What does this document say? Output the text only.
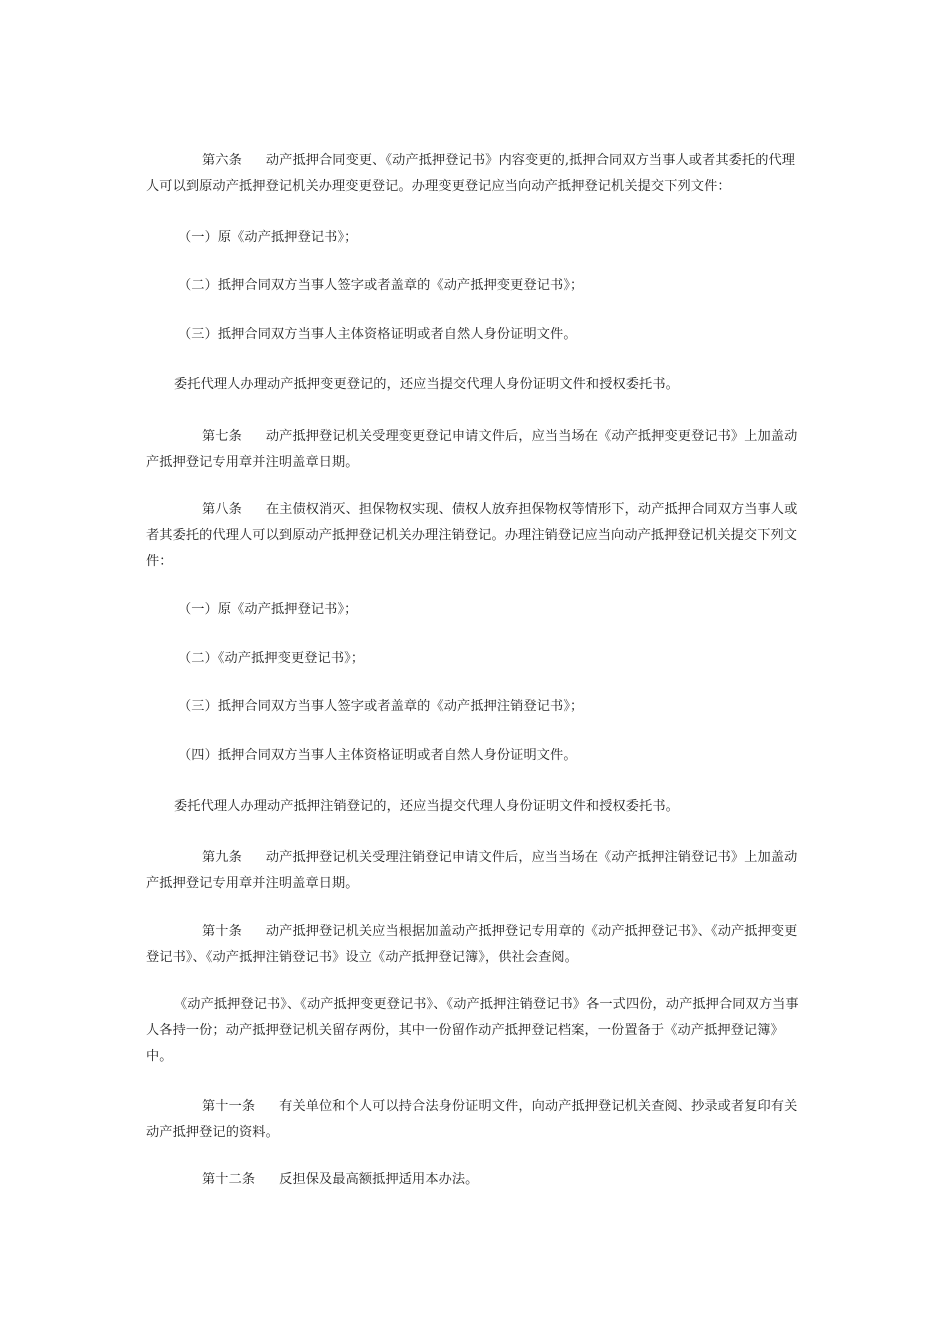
第六条 动产抵押合同变更、《动产抵押登记书》内容变更的,抵押合同双方当事人或者其委托的代理人可以到原动产抵押登记机关办理变更登记。办理变更登记应当向动产抵押登记机关提交下列文件：

（一）原《动产抵押登记书》；

（二）抵押合同双方当事人签字或者盖章的《动产抵押变更登记书》；

（三）抵押合同双方当事人主体资格证明或者自然人身份证明文件。

委托代理人办理动产抵押变更登记的，还应当提交代理人身份证明文件和授权委托书。

第七条 动产抵押登记机关受理变更登记申请文件后，应当当场在《动产抵押变更登记书》上加盖动产抵押登记专用章并注明盖章日期。

第八条 在主债权消灭、担保物权实现、债权人放弃担保物权等情形下，动产抵押合同双方当事人或者其委托的代理人可以到原动产抵押登记机关办理注销登记。办理注销登记应当向动产抵押登记机关提交下列文件：

（一）原《动产抵押登记书》；

（二）《动产抵押变更登记书》；

（三）抵押合同双方当事人签字或者盖章的《动产抵押注销登记书》；

（四）抵押合同双方当事人主体资格证明或者自然人身份证明文件。

委托代理人办理动产抵押注销登记的，还应当提交代理人身份证明文件和授权委托书。

第九条 动产抵押登记机关受理注销登记申请文件后，应当当场在《动产抵押注销登记书》上加盖动产抵押登记专用章并注明盖章日期。

第十条 动产抵押登记机关应当根据加盖动产抵押登记专用章的《动产抵押登记书》、《动产抵押变更登记书》、《动产抵押注销登记书》设立《动产抵押登记簿》，供社会查阅。

《动产抵押登记书》、《动产抵押变更登记书》、《动产抵押注销登记书》各一式四份，动产抵押合同双方当事人各持一份；动产抵押登记机关留存两份，其中一份留作动产抵押登记档案，一份置备于《动产抵押登记簿》中。

第十一条 有关单位和个人可以持合法身份证明文件，向动产抵押登记机关查阅、抄录或者复印有关动产抵押登记的资料。

第十二条 反担保及最高额抵押适用本办法。
